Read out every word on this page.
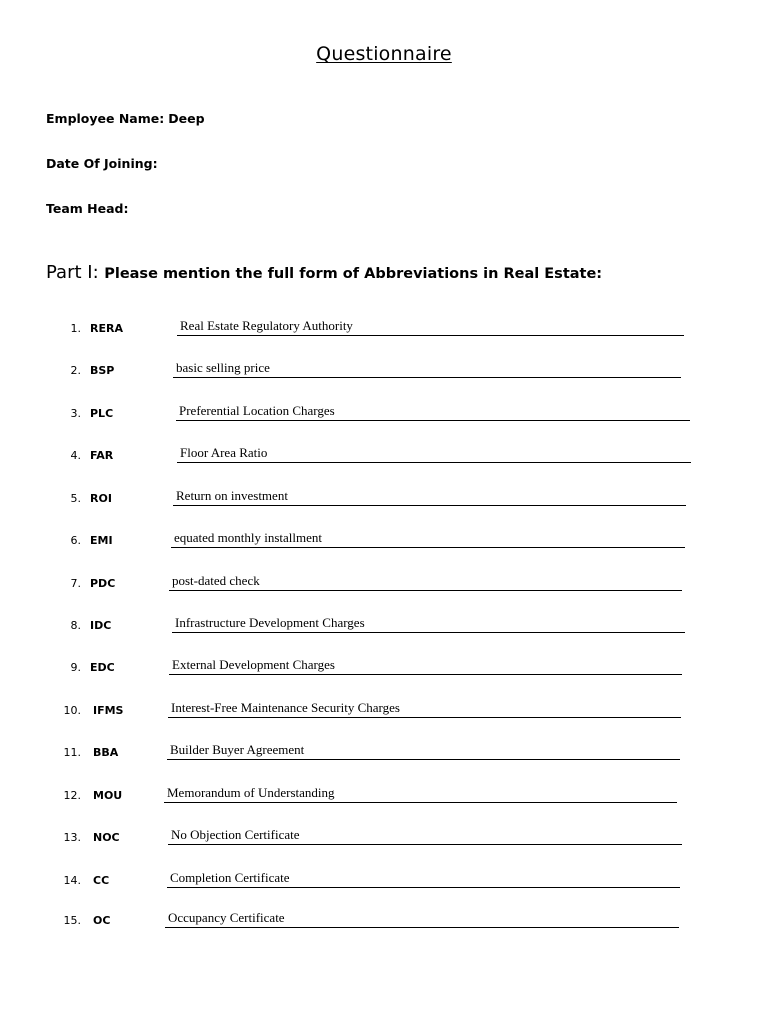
Questionnaire
Employee Name: Deep
Date Of Joining:
Team Head:
Part I: Please mention the full form of Abbreviations in Real Estate:
1. RERA	Real Estate Regulatory Authority
2. BSP	basic selling price
3. PLC	Preferential Location Charges
4. FAR	Floor Area Ratio
5. ROI	Return on investment
6. EMI	equated monthly installment
7. PDC	post-dated check
8. IDC	Infrastructure Development Charges
9. EDC	External Development Charges
10. IFMS	Interest-Free Maintenance Security Charges
11. BBA	Builder Buyer Agreement
12. MOU	Memorandum of Understanding
13. NOC	No Objection Certificate
14. CC	Completion Certificate
15. OC	Occupancy Certificate
